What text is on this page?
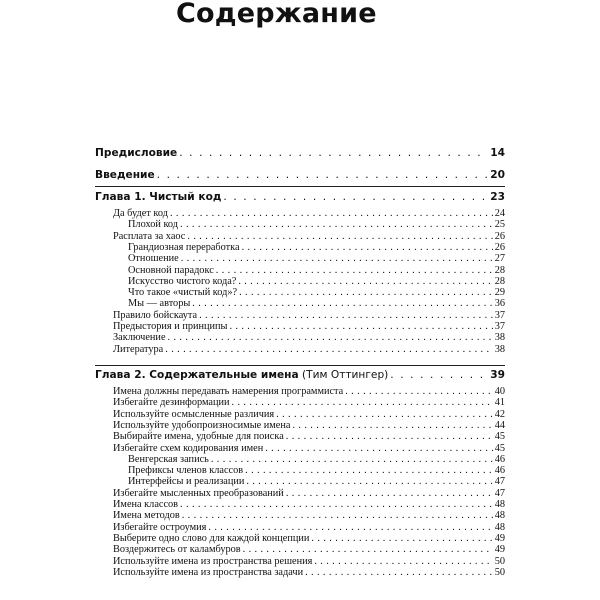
Содержание
Предисловие . . .	14
Введение . . .	20
Глава 1. Чистый код . . .	23
Да будет код . . .	24
Плохой код . . .	25
Расплата за хаос . . .	26
Грандиозная переработка . . .	26
Отношение . . .	27
Основной парадокс . . .	28
Искусство чистого кода? . . .	28
Что такое «чистый код»? . . .	29
Мы — авторы . . .	36
Правило бойскаута . . .	37
Предыстория и принципы . . .	37
Заключение . . .	38
Литература . . .	38
Глава 2. Содержательные имена (Тим Оттингер) . . .	39
Имена должны передавать намерения программиста . . .	40
Избегайте дезинформации . . .	41
Используйте осмысленные различия . . .	42
Используйте удобопроизносимые имена . . .	44
Выбирайте имена, удобные для поиска . . .	45
Избегайте схем кодирования имен . . .	45
Венгерская запись . . .	46
Префиксы членов классов . . .	46
Интерфейсы и реализации . . .	47
Избегайте мысленных преобразований . . .	47
Имена классов . . .	48
Имена методов . . .	48
Избегайте остроумия . . .	48
Выберите одно слово для каждой концепции . . .	49
Воздержитесь от каламбуров . . .	49
Используйте имена из пространства решения . . .	50
Используйте имена из пространства задачи . . .	50
